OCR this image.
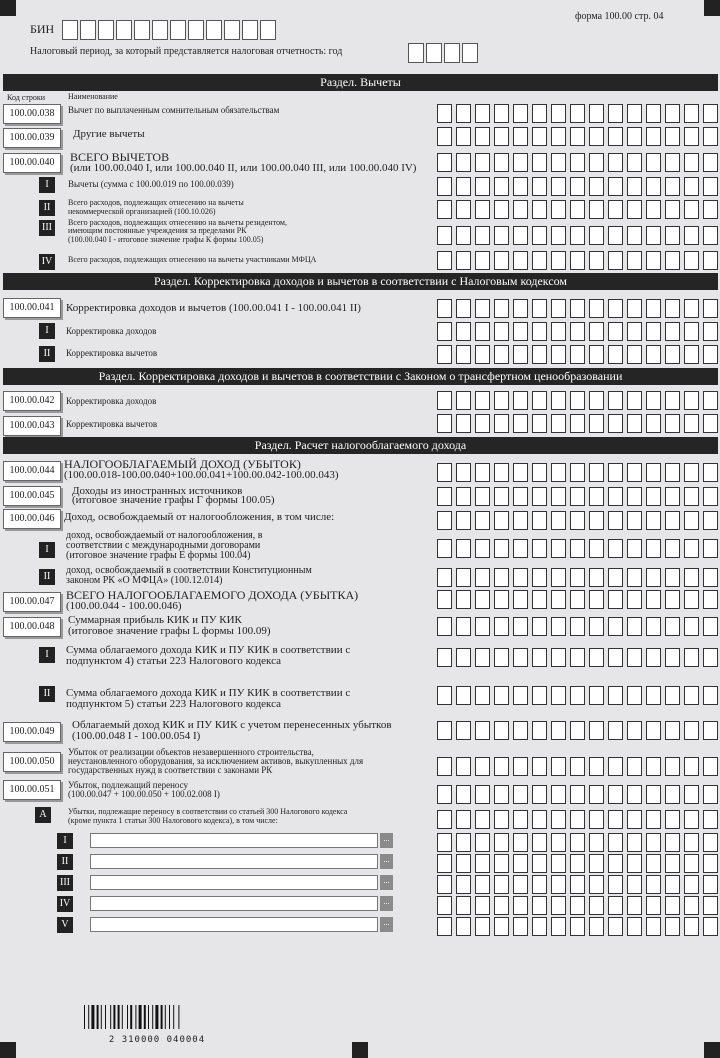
БИН
форма 100.00 стр. 04
Налоговый период, за который представляется налоговая отчетность: год
Раздел. Вычеты
Код строки	Наименование
100.00.038	Вычет по выплаченным сомнительным обязательствам
100.00.039	Другие вычеты
100.00.040	ВСЕГО ВЫЧЕТОВ
(или 100.00.040 I, или 100.00.040 II, или 100.00.040 III, или 100.00.040 IV)
I	Вычеты (сумма с 100.00.019 по 100.00.039)
II	Всего расходов, подлежащих отнесению на вычеты
некоммерческой организацией (100.10.026)
III	Всего расходов, подлежащих отнесению на вычеты резидентом,
имеющим постоянные учреждения за пределами РК
(100.00.040 I - итоговое значение графы К формы 100.05)
IV	Всего расходов, подлежащих отнесению на вычеты участниками МФЦА
Раздел. Корректировка доходов и вычетов в соответствии с Налоговым кодексом
100.00.041	Корректировка доходов и вычетов (100.00.041 I - 100.00.041 II)
I	Корректировка доходов
II	Корректировка вычетов
Раздел. Корректировка доходов и вычетов в соответствии с Законом о трансфертном ценообразовании
100.00.042	Корректировка доходов
100.00.043	Корректировка вычетов
Раздел. Расчет налогооблагаемого дохода
100.00.044 НАЛОГООБЛАГАЕМЫЙ ДОХОД (УБЫТОК)
(100.00.018-100.00.040+100.00.041+100.00.042-100.00.043)
100.00.045	Доходы из иностранных источников
(итоговое значение графы Г формы 100.05)
100.00.046 Доход, освобождаемый от налогообложения, в том числе:
I
доход, освобождаемый от налогообложения, в
соответствии с международными договорами
(итоговое значение графы Е формы 100.04)
II
доход, освобождаемый в соответствии Конституционным
законом РК «О МФЦА» (100.12.014)
100.00.047 ВСЕГО НАЛОГООБЛАГАЕМОГО ДОХОДА (УБЫТКА)
(100.00.044 - 100.00.046)
100.00.048
Суммарная прибыль КИК и ПУ КИК
(итоговое значение графы L формы 100.09)
I	Сумма облагаемого дохода КИК и ПУ КИК в соответствии с
подпунктом 4) статьи 223 Налогового кодекса
II	Сумма облагаемого дохода КИК и ПУ КИК в соответствии с
подпунктом 5) статьи 223 Налогового кодекса
100.00.049
Облагаемый доход КИК и ПУ КИК с учетом перенесенных убытков
(100.00.048 I - 100.00.054 I)
100.00.050
Убыток от реализации объектов незавершенного строительства,
неустановленного оборудования, за исключением активов, выкупленных для
государственных нужд в соответствии с законами РК
100.00.051	Убыток, подлежащий переносу
(100.00.047 + 100.00.050 + 100.02.008 I)
A	Убытки, подлежащие переносу в соответствии со статьей 300 Налогового кодекса
(кроме пункта 1 статьи 300 Налогового кодекса), в том числе:
I	...
II	...
III	...
IV	...
V	...
2 310000 040004
